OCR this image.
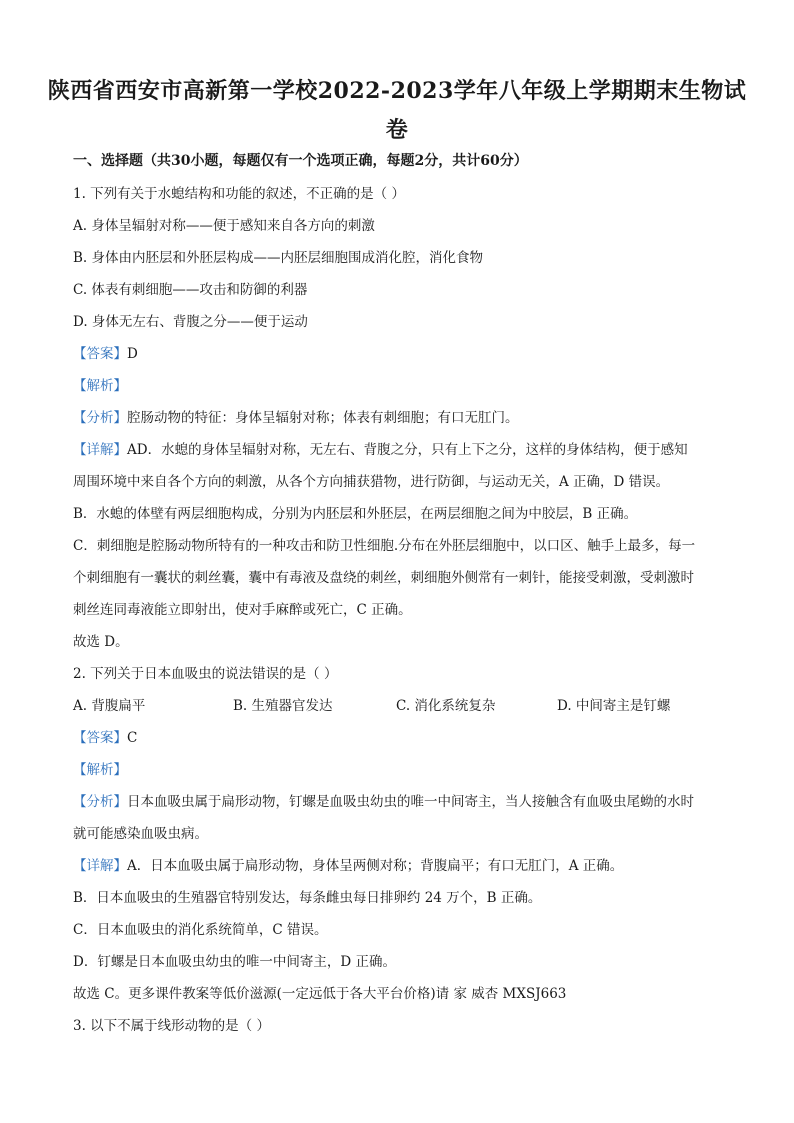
陕西省西安市高新第一学校2022-2023学年八年级上学期期末生物试
卷
一、选择题（共30小题，每题仅有一个选项正确，每题2分，共计60分）
1. 下列有关于水螅结构和功能的叙述，不正确的是（ ）
A. 身体呈辐射对称——便于感知来自各方向的刺激
B. 身体由内胚层和外胚层构成——内胚层细胞围成消化腔，消化食物
C. 体表有刺细胞——攻击和防御的利器
D. 身体无左右、背腹之分——便于运动
【答案】D
【解析】
【分析】腔肠动物的特征：身体呈辐射对称；体表有刺细胞；有口无肛门。
【详解】AD．水螅的身体呈辐射对称，无左右、背腹之分，只有上下之分，这样的身体结构，便于感知
周围环境中来自各个方向的刺激，从各个方向捕获猎物，进行防御，与运动无关，A 正确，D 错误。
B．水螅的体壁有两层细胞构成，分别为内胚层和外胚层，在两层细胞之间为中胶层，B 正确。
C．刺细胞是腔肠动物所特有的一种攻击和防卫性细胞.分布在外胚层细胞中，以口区、触手上最多，每一
个刺细胞有一囊状的刺丝囊，囊中有毒液及盘绕的刺丝，刺细胞外侧常有一刺针，能接受刺激，受刺激时
刺丝连同毒液能立即射出，使对手麻醉或死亡，C 正确。
故选 D。
2. 下列关于日本血吸虫的说法错误的是（ ）
A. 背腹扁平	B. 生殖器官发达	C. 消化系统复杂	D. 中间寄主是钉螺
【答案】C
【解析】
【分析】日本血吸虫属于扁形动物，钉螺是血吸虫幼虫的唯一中间寄主，当人接触含有血吸虫尾蚴的水时
就可能感染血吸虫病。
【详解】A．日本血吸虫属于扁形动物，身体呈两侧对称；背腹扁平；有口无肛门，A 正确。
B．日本血吸虫的生殖器官特别发达，每条雌虫每日排卵约 24 万个，B 正确。
C．日本血吸虫的消化系统简单，C 错误。
D．钉螺是日本血吸虫幼虫的唯一中间寄主，D 正确。
故选 C。更多课件教案等低价滋源(一定远低于各大平台价格)请 家 威杏 MXSJ663
3. 以下不属于线形动物的是（ ）
